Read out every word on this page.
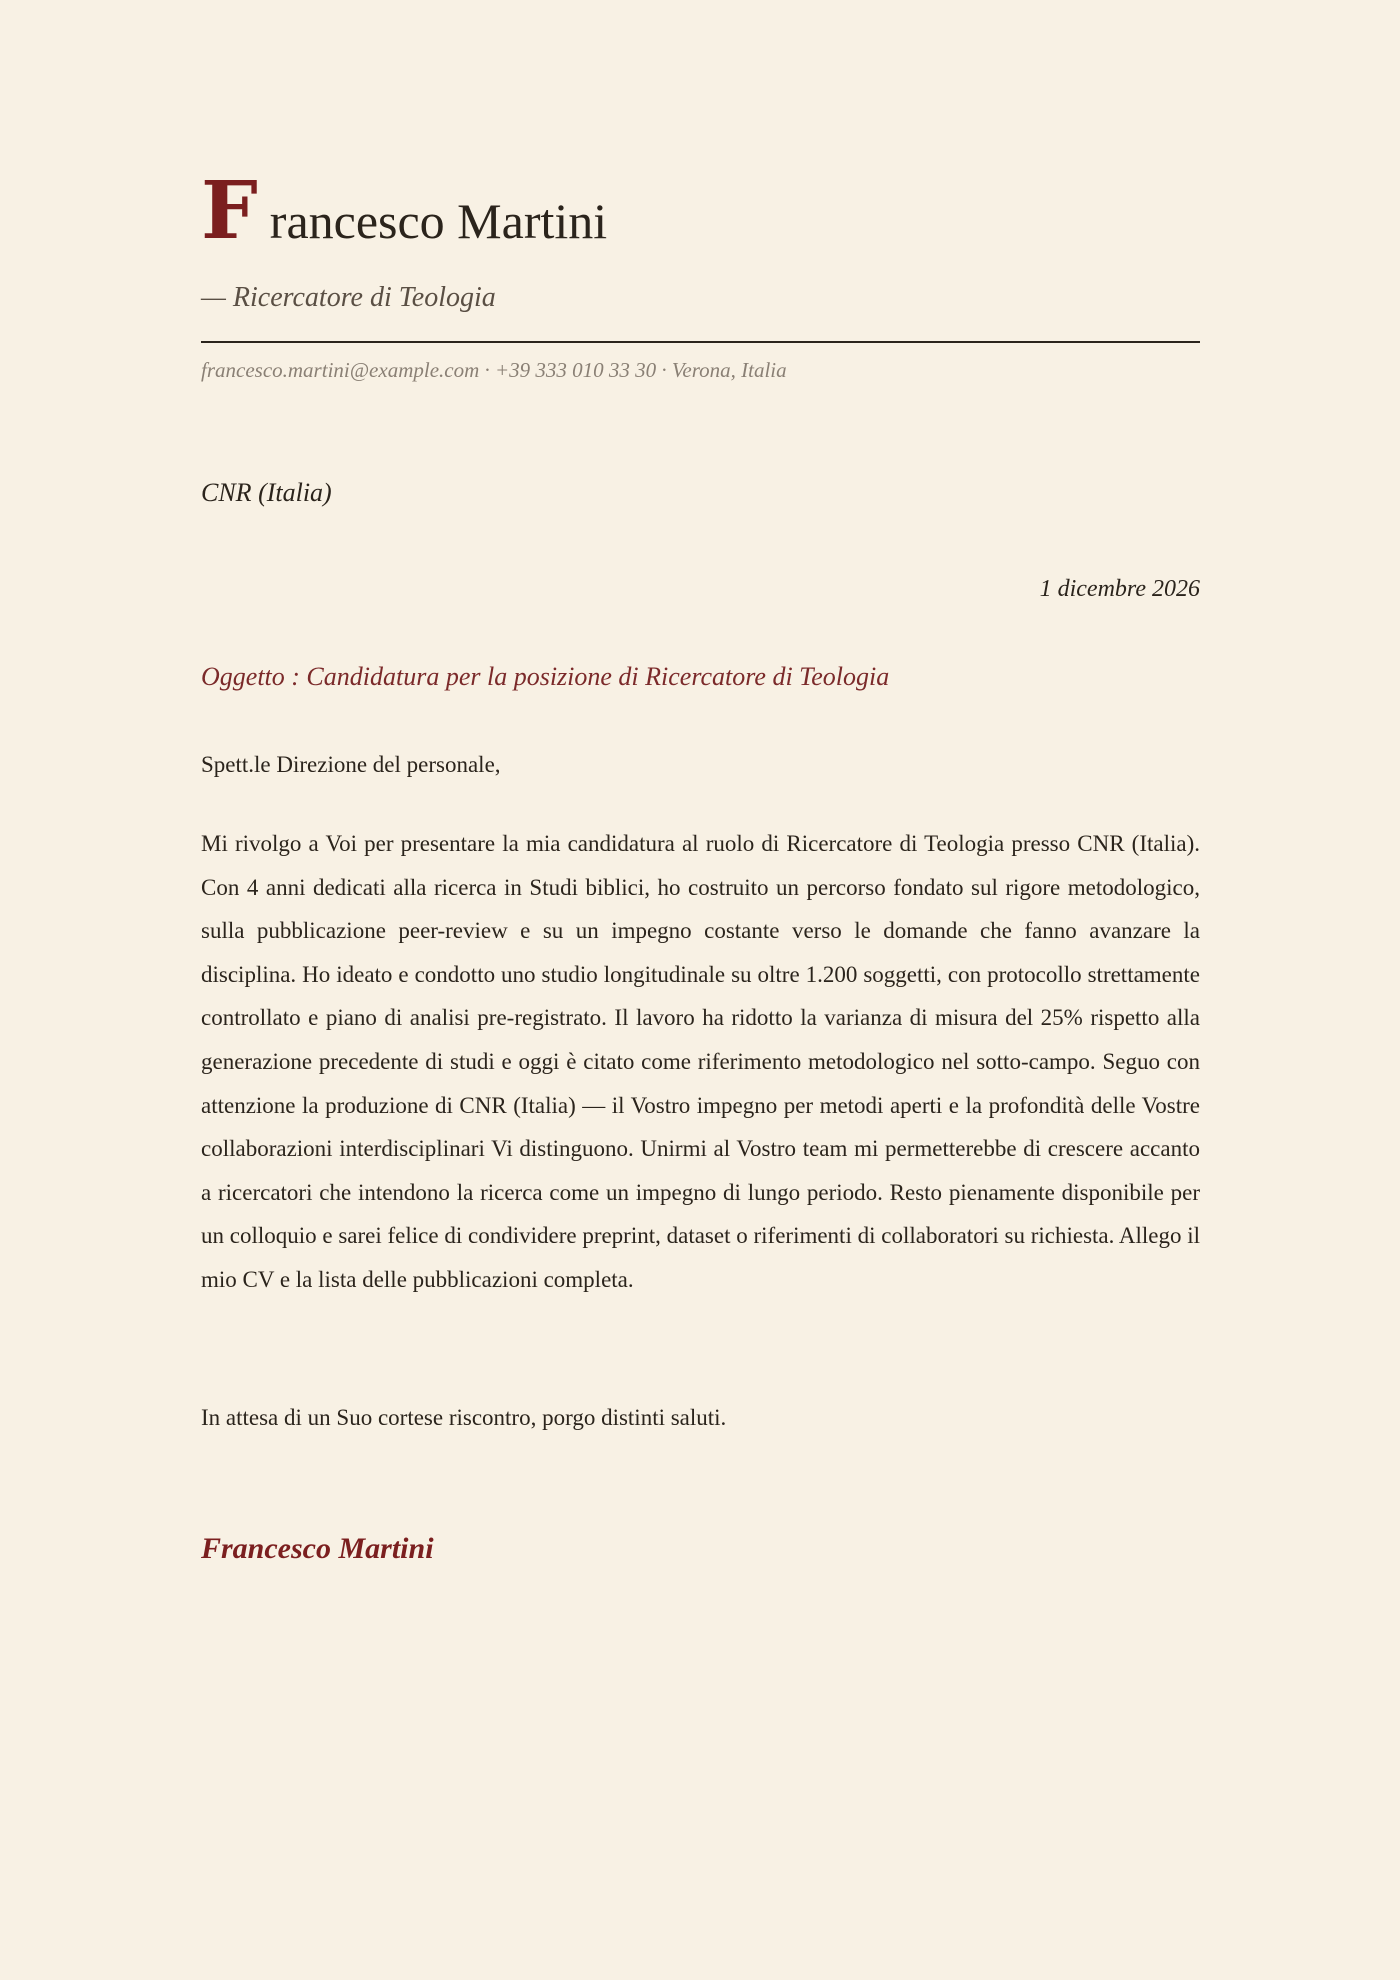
Francesco Martini
— Ricercatore di Teologia
francesco.martini@example.com · +39 333 010 33 30 · Verona, Italia
CNR (Italia)
1 dicembre 2026
Oggetto : Candidatura per la posizione di Ricercatore di Teologia
Spett.le Direzione del personale,

Mi rivolgo a Voi per presentare la mia candidatura al ruolo di Ricercatore di Teologia presso CNR (Italia). Con 4 anni dedicati alla ricerca in Studi biblici, ho costruito un percorso fondato sul rigore metodologico, sulla pubblicazione peer-review e su un impegno costante verso le domande che fanno avanzare la disciplina. Ho ideato e condotto uno studio longitudinale su oltre 1.200 soggetti, con protocollo strettamente controllato e piano di analisi pre-registrato. Il lavoro ha ridotto la varianza di misura del 25% rispetto alla generazione precedente di studi e oggi è citato come riferimento metodologico nel sotto-campo. Seguo con attenzione la produzione di CNR (Italia) — il Vostro impegno per metodi aperti e la profondità delle Vostre collaborazioni interdisciplinari Vi distinguono. Unirmi al Vostro team mi permetterebbe di crescere accanto a ricercatori che intendono la ricerca come un impegno di lungo periodo. Resto pienamente disponibile per un colloquio e sarei felice di condividere preprint, dataset o riferimenti di collaboratori su richiesta. Allego il mio CV e la lista delle pubblicazioni completa.

In attesa di un Suo cortese riscontro, porgo distinti saluti.
Francesco Martini
